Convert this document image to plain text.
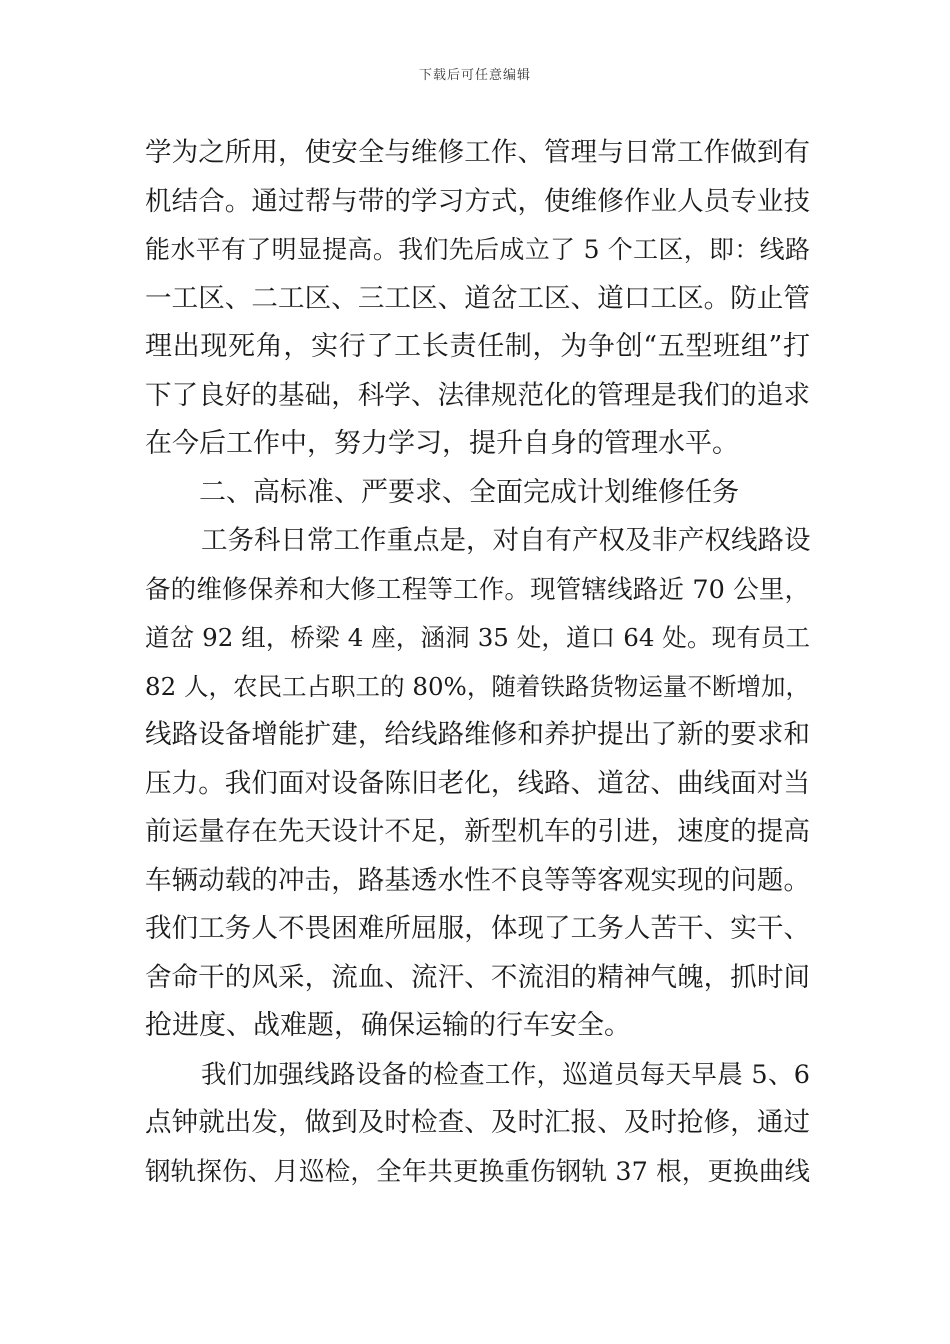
下载后可任意编辑
学为之所用，使安全与维修工作、管理与日常工作做到有
机结合。通过帮与带的学习方式，使维修作业人员专业技
能水平有了明显提高。我们先后成立了 5 个工区，即：线路
一工区、二工区、三工区、道岔工区、道口工区。防止管
理出现死角，实行了工长责任制，为争创“五型班组”打
下了良好的基础，科学、法律规范化的管理是我们的追求
在今后工作中，努力学习，提升自身的管理水平。
二、高标准、严要求、全面完成计划维修任务
工务科日常工作重点是，对自有产权及非产权线路设
备的维修保养和大修工程等工作。现管辖线路近 70 公里，
道岔 92 组，桥梁 4 座，涵洞 35 处，道口 64 处。现有员工
82 人，农民工占职工的 80%，随着铁路货物运量不断增加，
线路设备增能扩建，给线路维修和养护提出了新的要求和
压力。我们面对设备陈旧老化，线路、道岔、曲线面对当
前运量存在先天设计不足，新型机车的引进，速度的提高
车辆动载的冲击，路基透水性不良等等客观实现的问题。
我们工务人不畏困难所屈服，体现了工务人苦干、实干、
舍命干的风采，流血、流汗、不流泪的精神气魄，抓时间
抢进度、战难题，确保运输的行车安全。
我们加强线路设备的检查工作，巡道员每天早晨 5、6
点钟就出发，做到及时检查、及时汇报、及时抢修，通过
钢轨探伤、月巡检，全年共更换重伤钢轨 37 根，更换曲线
